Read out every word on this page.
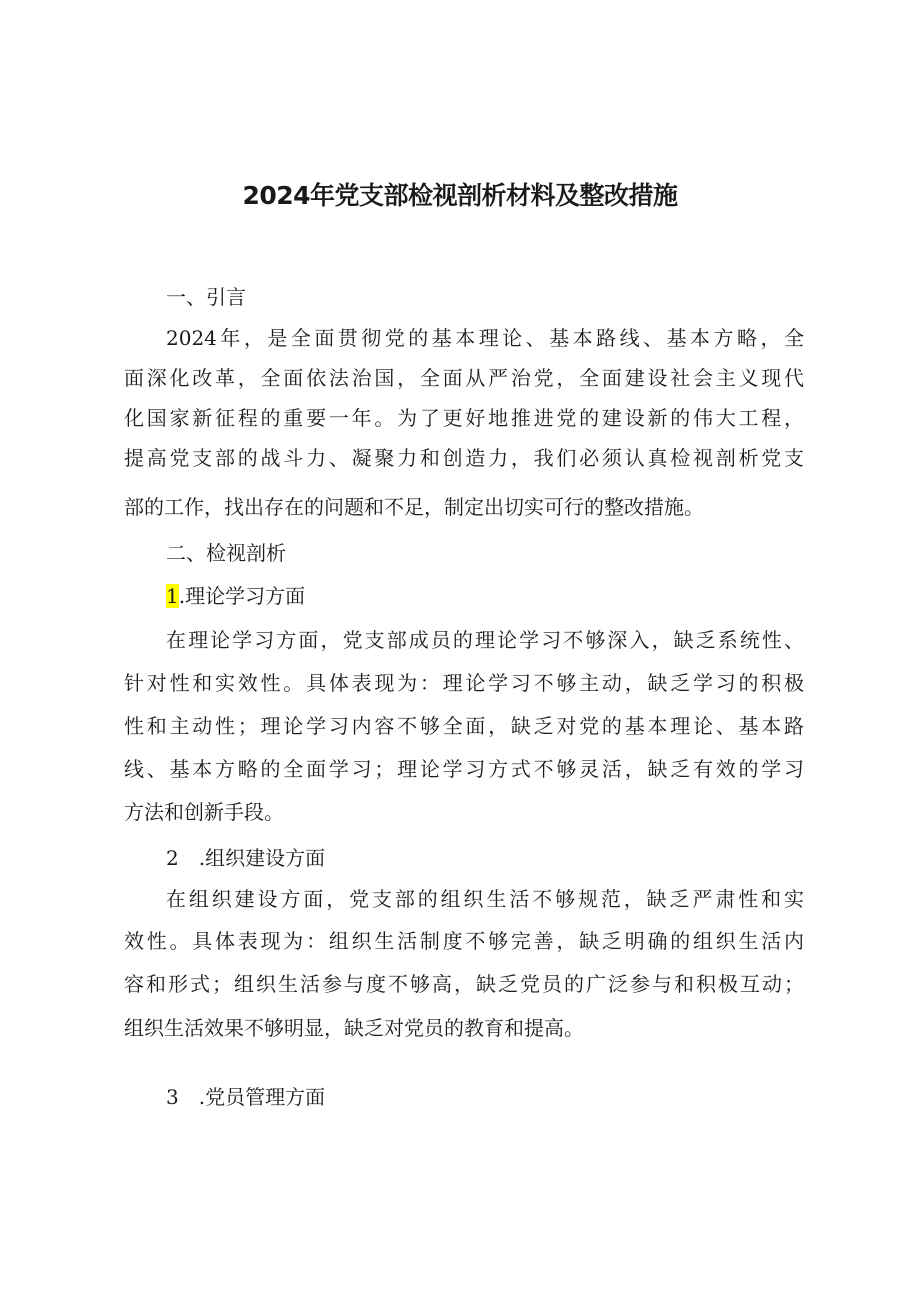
2024年党支部检视剖析材料及整改措施
一、引言
2024年，是全面贯彻党的基本理论、基本路线、基本方略，全
面深化改革，全面依法治国，全面从严治党，全面建设社会主义现代
化国家新征程的重要一年。为了更好地推进党的建设新的伟大工程，
提高党支部的战斗力、凝聚力和创造力，我们必须认真检视剖析党支
部的工作，找出存在的问题和不足，制定出切实可行的整改措施。
二、检视剖析
1.理论学习方面
在理论学习方面，党支部成员的理论学习不够深入，缺乏系统性、
针对性和实效性。具体表现为：理论学习不够主动，缺乏学习的积极
性和主动性；理论学习内容不够全面，缺乏对党的基本理论、基本路
线、基本方略的全面学习；理论学习方式不够灵活，缺乏有效的学习
方法和创新手段。
2　.组织建设方面
在组织建设方面，党支部的组织生活不够规范，缺乏严肃性和实
效性。具体表现为：组织生活制度不够完善，缺乏明确的组织生活内
容和形式；组织生活参与度不够高，缺乏党员的广泛参与和积极互动；
组织生活效果不够明显，缺乏对党员的教育和提高。
3　.党员管理方面
